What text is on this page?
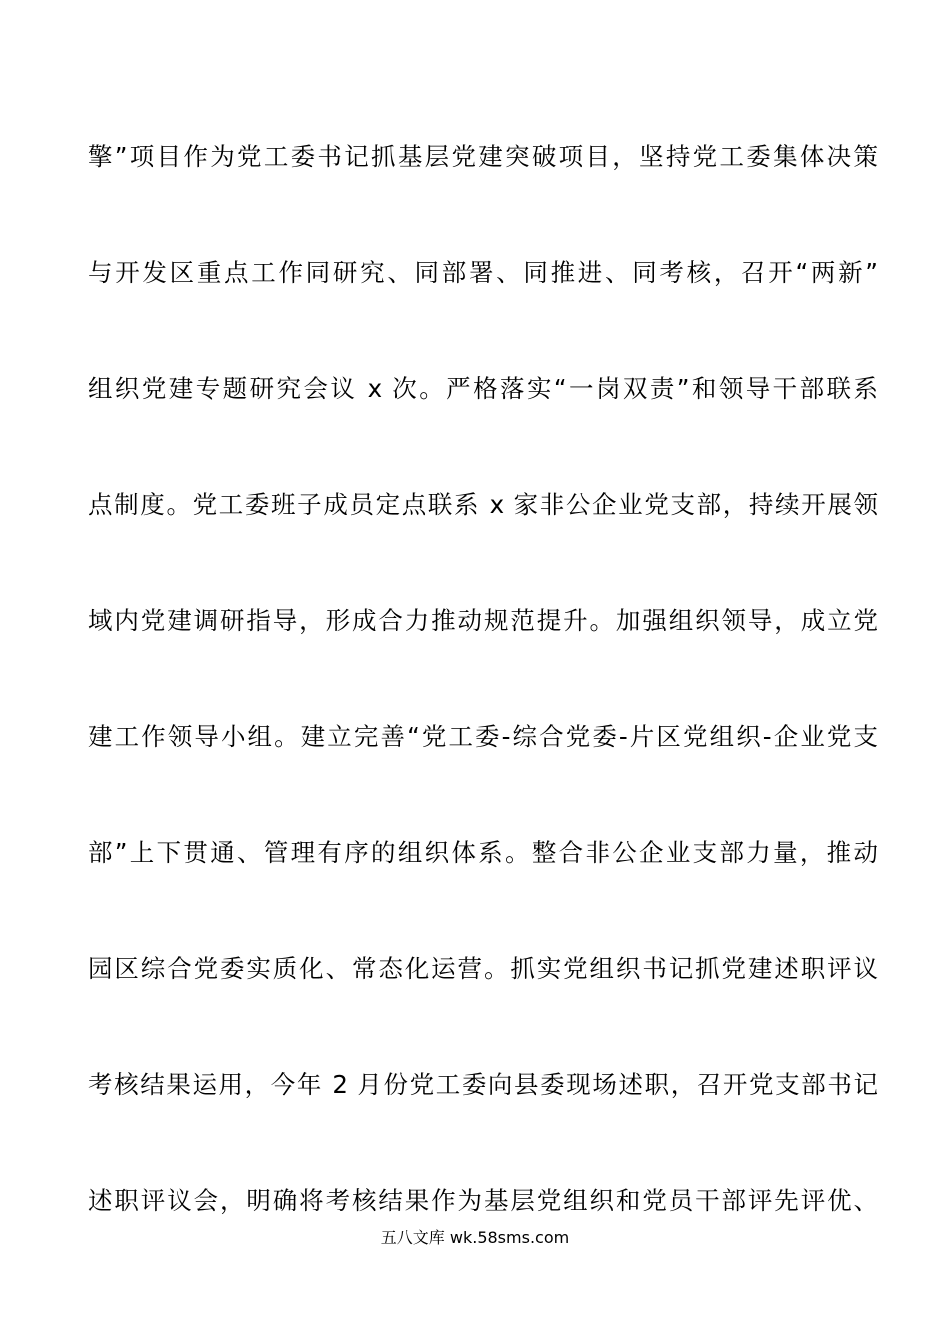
擎”项目作为党工委书记抓基层党建突破项目，坚持党工委集体决策
与开发区重点工作同研究、同部署、同推进、同考核，召开“两新”
组织党建专题研究会议 x 次。严格落实“一岗双责”和领导干部联系
点制度。党工委班子成员定点联系 x 家非公企业党支部，持续开展领
域内党建调研指导，形成合力推动规范提升。加强组织领导，成立党
建工作领导小组。建立完善“党工委-综合党委-片区党组织-企业党支
部”上下贯通、管理有序的组织体系。整合非公企业支部力量，推动
园区综合党委实质化、常态化运营。抓实党组织书记抓党建述职评议
考核结果运用，今年 2 月份党工委向县委现场述职，召开党支部书记
述职评议会，明确将考核结果作为基层党组织和党员干部评先评优、
五八文库 wk.58sms.com
